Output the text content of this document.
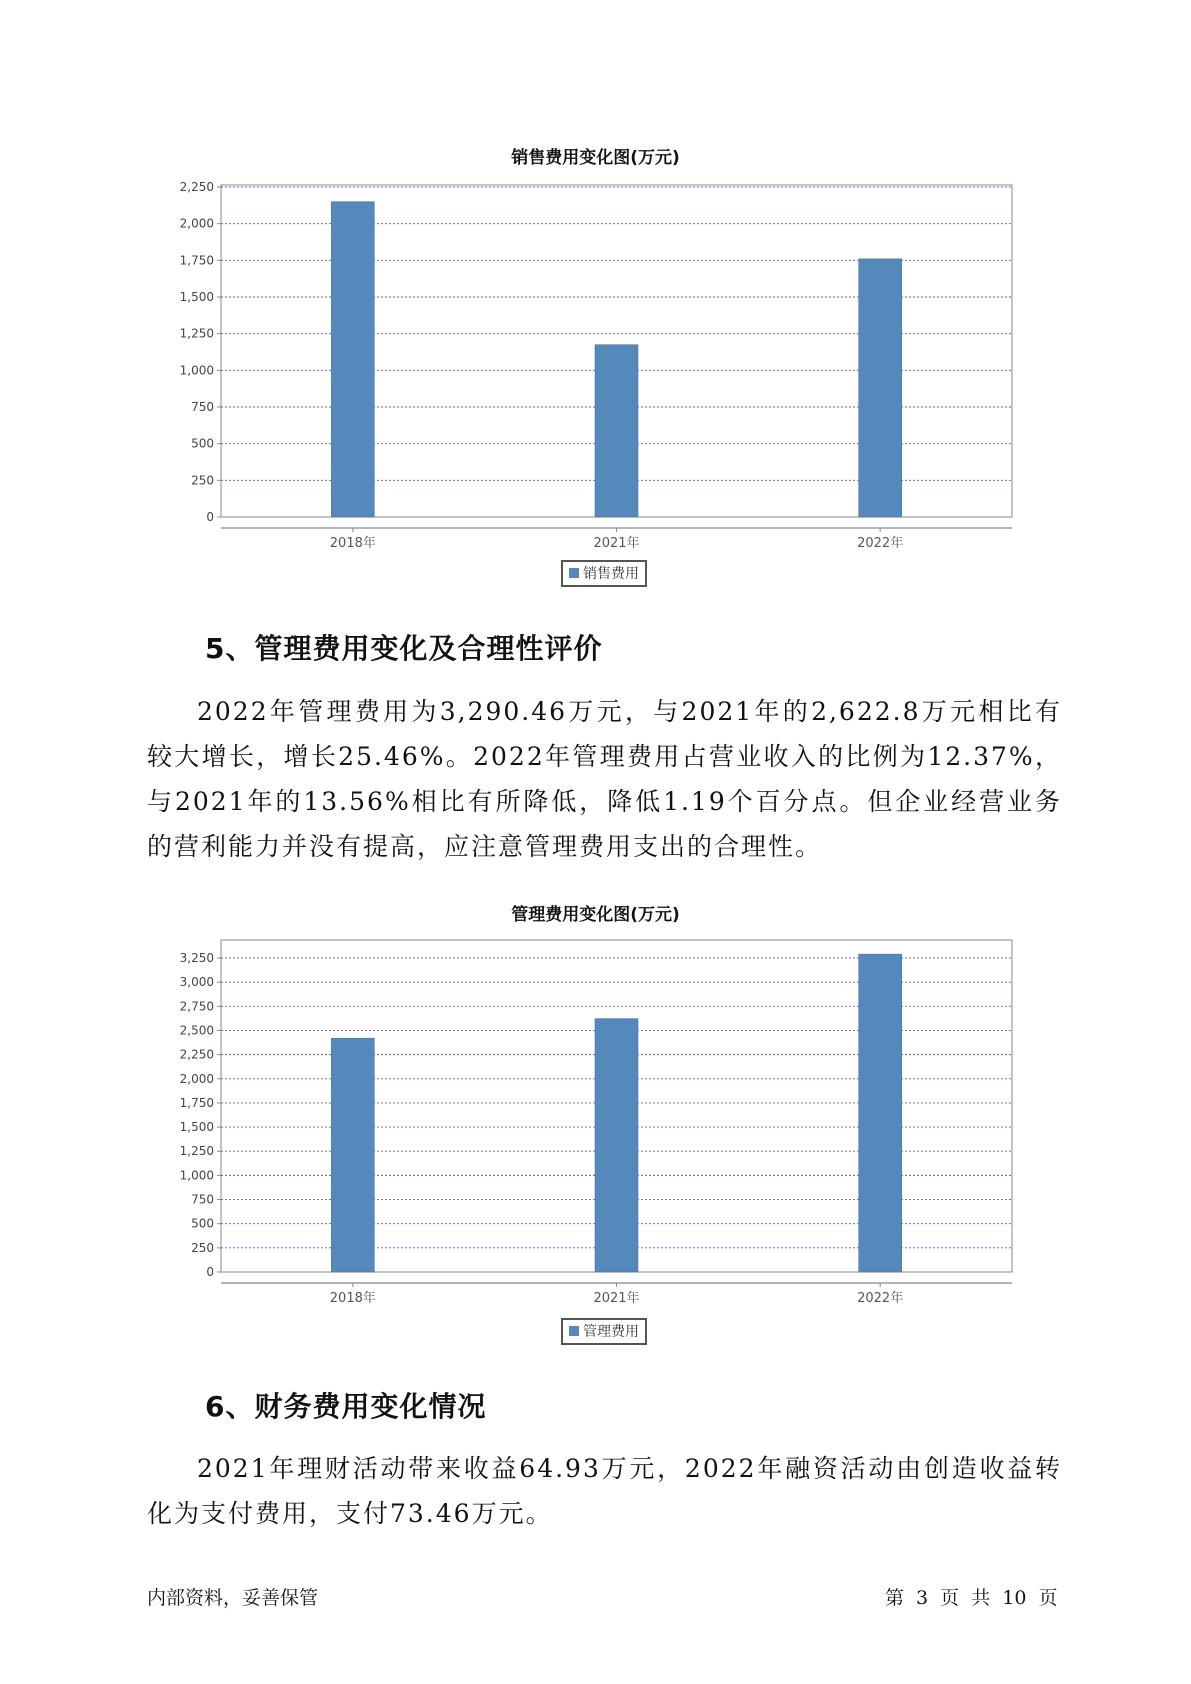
销售费用变化图(万元)
0
250
500
750
1,000
1,250
1,500
1,750
2,000
2,250
2018年	2021年	2022年
销售费用
5、管理费用变化及合理性评价
2022年管理费用为3,290.46万元，与2021年的2,622.8万元相比有较大增长，增长25.46%。2022年管理费用占营业收入的比例为12.37%，与2021年的13.56%相比有所降低，降低1.19个百分点。但企业经营业务的营利能力并没有提高，应注意管理费用支出的合理性。
管理费用变化图(万元)
0
250
500
750
1,000
1,250
1,500
1,750
2,000
2,250
2,500
2,750
3,000
3,250
2018年	2021年	2022年
管理费用
6、财务费用变化情况
2021年理财活动带来收益64.93万元，2022年融资活动由创造收益转化为支付费用，支付73.46万元。
内部资料，妥善保管	第 3 页 共 10 页
